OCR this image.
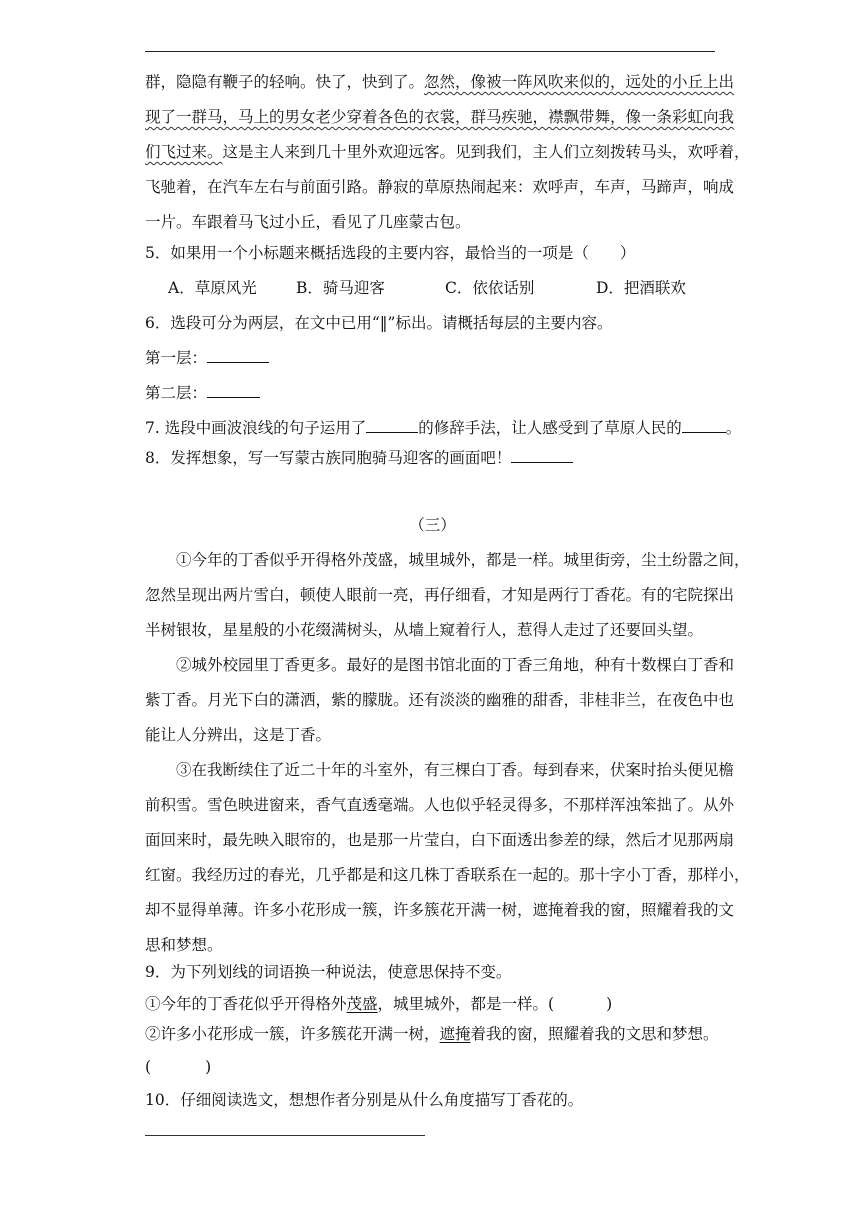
群，隐隐有鞭子的轻响。快了，快到了。忽然，像被一阵风吹来似的，远处的小丘上出
现了一群马，马上的男女老少穿着各色的衣裳，群马疾驰，襟飘带舞，像一条彩虹向我
们飞过来。这是主人来到几十里外欢迎远客。见到我们，主人们立刻拨转马头，欢呼着，
飞驰着，在汽车左右与前面引路。静寂的草原热闹起来：欢呼声，车声，马蹄声，响成
一片。车跟着马飞过小丘，看见了几座蒙古包。
5．如果用一个小标题来概括选段的主要内容，最恰当的一项是（　　）
A．草原风光	B．骑马迎客	C．依依话别	D．把酒联欢
6．选段可分为两层，在文中已用“‖”标出。请概括每层的主要内容。
第一层：
第二层：
7. 选段中画波浪线的句子运用了	的修辞手法，让人感受到了草原人民的	。
8．发挥想象，写一写蒙古族同胞骑马迎客的画面吧！
（三）
①今年的丁香似乎开得格外茂盛，城里城外，都是一样。城里街旁，尘土纷嚣之间，
忽然呈现出两片雪白，顿使人眼前一亮，再仔细看，才知是两行丁香花。有的宅院探出
半树银妆，星星般的小花缀满树头，从墙上窥着行人，惹得人走过了还要回头望。
②城外校园里丁香更多。最好的是图书馆北面的丁香三角地，种有十数棵白丁香和
紫丁香。月光下白的潇洒，紫的朦胧。还有淡淡的幽雅的甜香，非桂非兰，在夜色中也
能让人分辨出，这是丁香。
③在我断续住了近二十年的斗室外，有三棵白丁香。每到春来，伏案时抬头便见檐
前积雪。雪色映进窗来，香气直透毫端。人也似乎轻灵得多，不那样浑浊笨拙了。从外
面回来时，最先映入眼帘的，也是那一片莹白，白下面透出参差的绿，然后才见那两扇
红窗。我经历过的春光，几乎都是和这几株丁香联系在一起的。那十字小丁香，那样小，
却不显得单薄。许多小花形成一簇，许多簇花开满一树，遮掩着我的窗，照耀着我的文
思和梦想。
9．为下列划线的词语换一种说法，使意思保持不变。
①今年的丁香花似乎开得格外茂盛，城里城外，都是一样。(	)
②许多小花形成一簇，许多簇花开满一树，遮掩着我的窗，照耀着我的文思和梦想。
(	)
10．仔细阅读选文，想想作者分别是从什么角度描写丁香花的。
